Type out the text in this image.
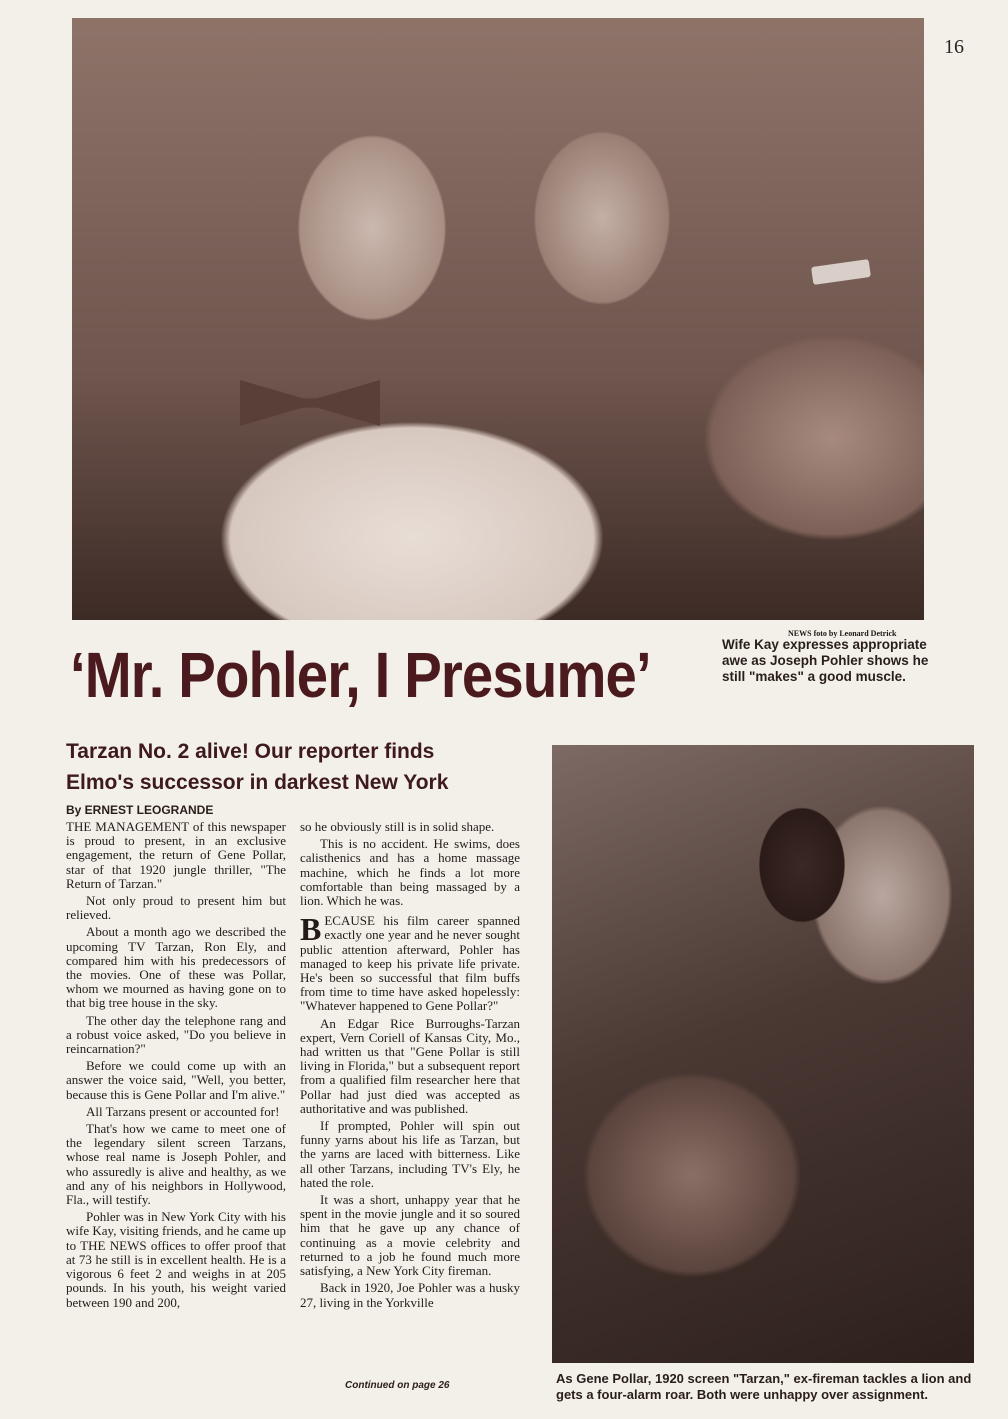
16
NEWS foto by Leonard Detrick
‘Mr. Pohler, I Presume’	Wife Kay expresses appropriate awe as Joseph Pohler shows he still "makes" a good muscle.
Tarzan No. 2 alive! Our reporter finds
Elmo's successor in darkest New York
By ERNEST LEOGRANDE

THE MANAGEMENT of this newspaper is proud to present, in an exclusive engagement, the return of Gene Pollar, star of that 1920 jungle thriller, "The Return of Tarzan."

Not only proud to present him but relieved.

About a month ago we described the upcoming TV Tarzan, Ron Ely, and compared him with his predecessors of the movies. One of these was Pollar, whom we mourned as having gone on to that big tree house in the sky.

The other day the telephone rang and a robust voice asked, "Do you believe in reincarnation?"

Before we could come up with an answer the voice said, "Well, you better, because this is Gene Pollar and I'm alive."

All Tarzans present or accounted for!

That's how we came to meet one of the legendary silent screen Tarzans, whose real name is Joseph Pohler, and who assuredly is alive and healthy, as we and any of his neighbors in Hollywood, Fla., will testify.

Pohler was in New York City with his wife Kay, visiting friends, and he came up to THE NEWS offices to offer proof that at 73 he still is in excellent health. He is a vigorous 6 feet 2 and weighs in at 205 pounds. In his youth, his weight varied between 190 and 200,

so he obviously still is in solid shape.

This is no accident. He swims, does calisthenics and has a home massage machine, which he finds a lot more comfortable than being massaged by a lion. Which he was.

BECAUSE his film career spanned exactly one year and he never sought public attention afterward, Pohler has managed to keep his private life private. He's been so successful that film buffs from time to time have asked hopelessly: "Whatever happened to Gene Pollar?"

An Edgar Rice Burroughs-Tarzan expert, Vern Coriell of Kansas City, Mo., had written us that "Gene Pollar is still living in Florida," but a subsequent report from a qualified film researcher here that Pollar had just died was accepted as authoritative and was published.

If prompted, Pohler will spin out funny yarns about his life as Tarzan, but the yarns are laced with bitterness. Like all other Tarzans, including TV's Ely, he hated the role.

It was a short, unhappy year that he spent in the movie jungle and it so soured him that he gave up any chance of continuing as a movie celebrity and returned to a job he found much more satisfying, a New York City fireman.

Back in 1920, Joe Pohler was a husky 27, living in the Yorkville

Continued on page 26	As Gene Pollar, 1920 screen "Tarzan," ex-fireman tackles a lion and gets a four-alarm roar. Both were unhappy over assignment.
